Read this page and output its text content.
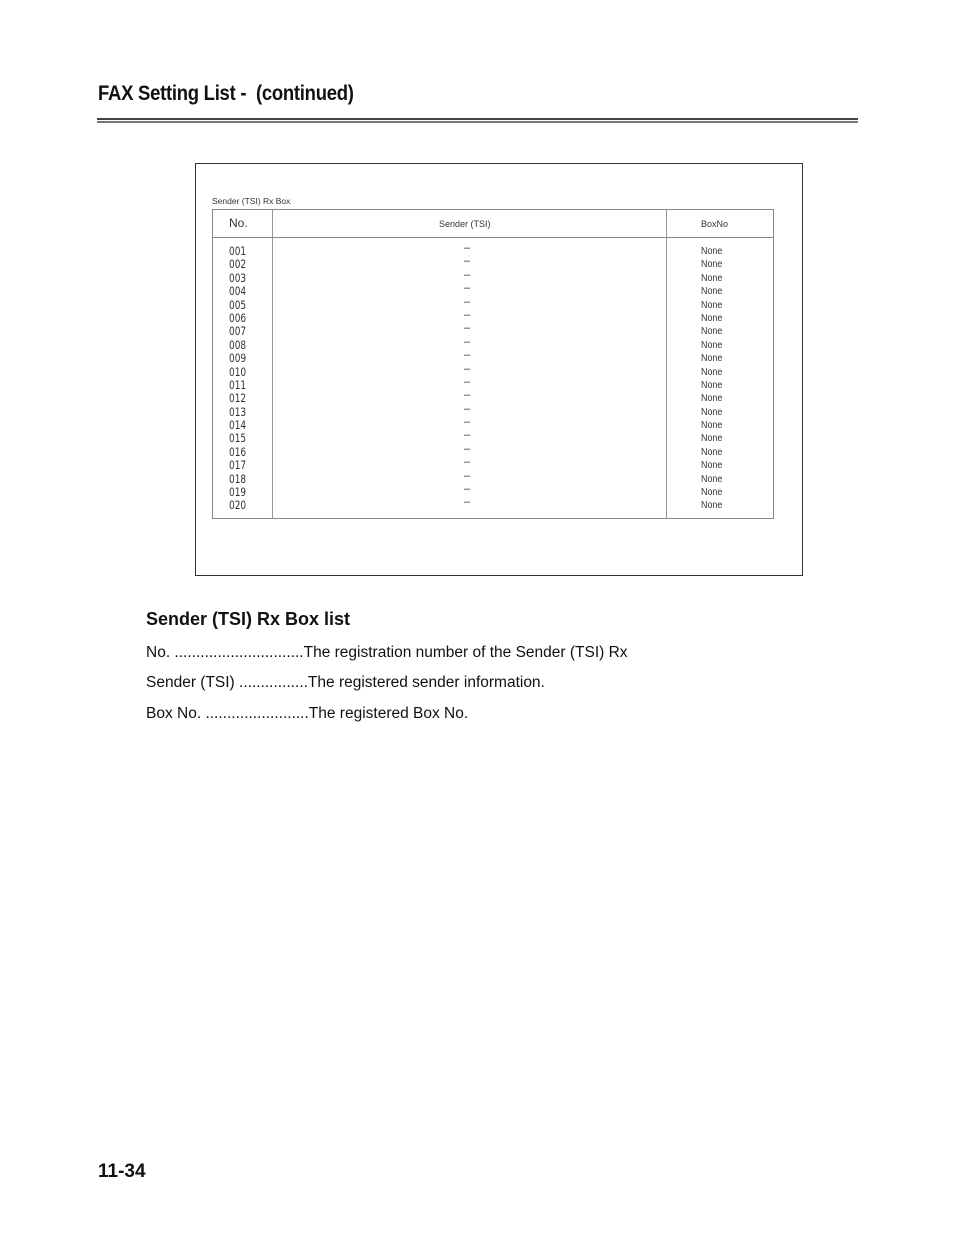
FAX Setting List -  (continued)
Sender (TSI) Rx Box
No.	Sender (TSI)	BoxNo
001	–	None
002	–	None
003	–	None
004	–	None
005	–	None
006	–	None
007	–	None
008	–	None
009	–	None
010	–	None
011	–	None
012	–	None
013	–	None
014	–	None
015	–	None
016	–	None
017	–	None
018	–	None
019	–	None
020	–	None
Sender (TSI) Rx Box list
No. ..............................The registration number of the Sender (TSI) Rx
Sender (TSI) ................The registered sender information.
Box No. ........................The registered Box No.
11-34
